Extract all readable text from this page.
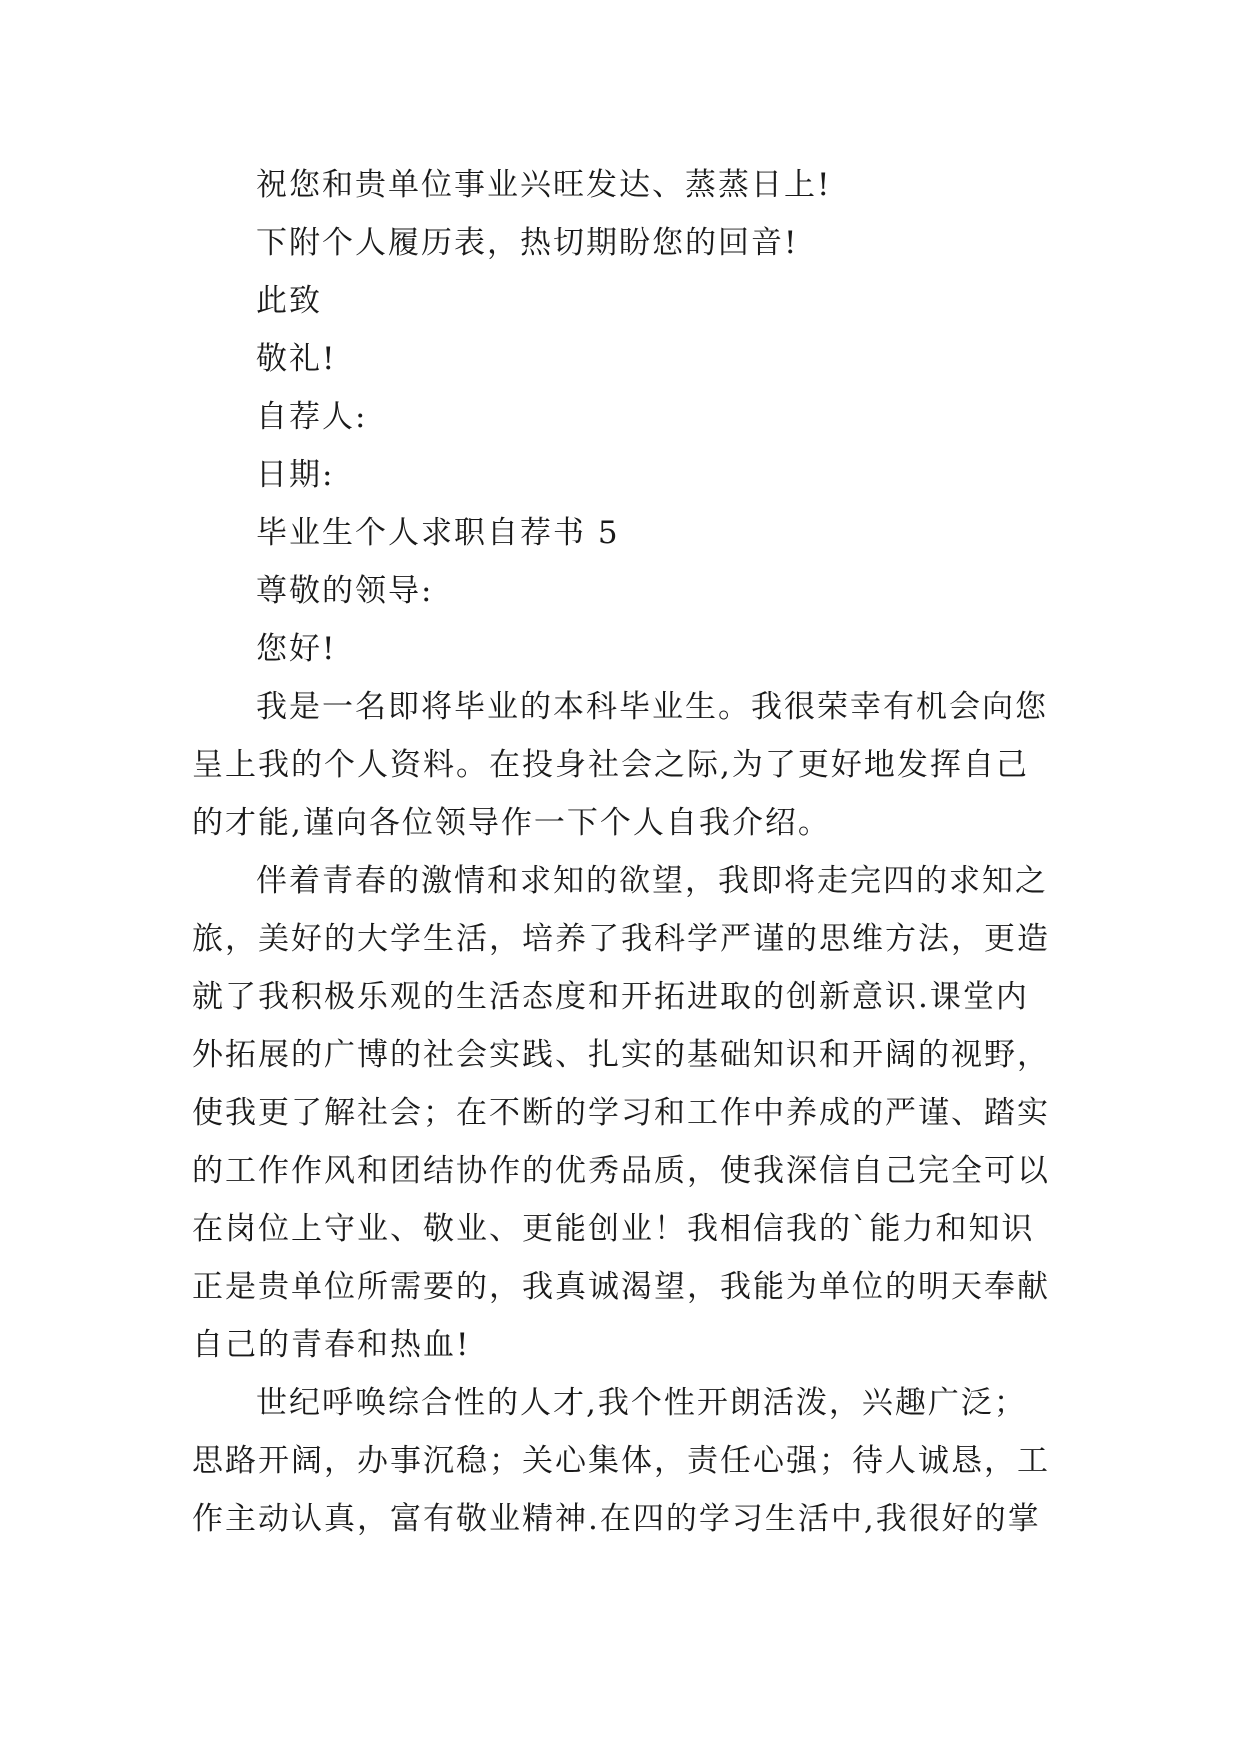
祝您和贵单位事业兴旺发达、蒸蒸日上!
下附个人履历表，热切期盼您的回音!
此致
敬礼!
自荐人:
日期:
毕业生个人求职自荐书 5
尊敬的领导:
您好!
我是一名即将毕业的本科毕业生。我很荣幸有机会向您
呈上我的个人资料。在投身社会之际,为了更好地发挥自己
的才能,谨向各位领导作一下个人自我介绍。
伴着青春的激情和求知的欲望，我即将走完四的求知之
旅，美好的大学生活，培养了我科学严谨的思维方法，更造
就了我积极乐观的生活态度和开拓进取的创新意识.课堂内
外拓展的广博的社会实践、扎实的基础知识和开阔的视野，
使我更了解社会；在不断的学习和工作中养成的严谨、踏实
的工作作风和团结协作的优秀品质，使我深信自己完全可以
在岗位上守业、敬业、更能创业！我相信我的`能力和知识
正是贵单位所需要的，我真诚渴望，我能为单位的明天奉献
自己的青春和热血!
世纪呼唤综合性的人才,我个性开朗活泼，兴趣广泛；
思路开阔，办事沉稳；关心集体，责任心强；待人诚恳，工
作主动认真，富有敬业精神.在四的学习生活中,我很好的掌
